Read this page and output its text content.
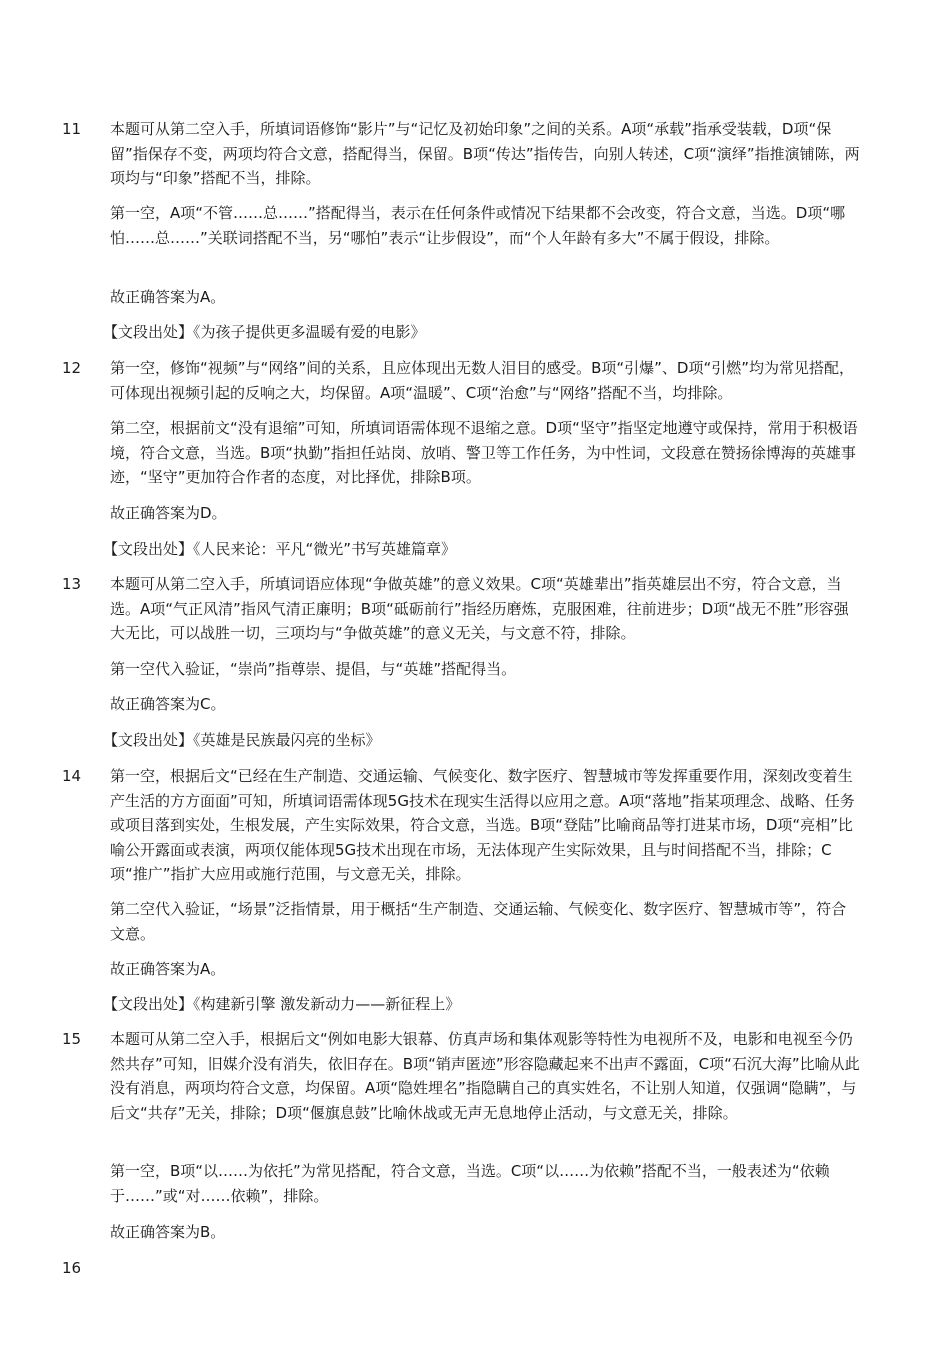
11	本题可从第二空入手，所填词语修饰“影片”与“记忆及初始印象”之间的关系。A项“承载”指承受装载，D项“保留”指保存不变，两项均符合文意，搭配得当，保留。B项“传达”指传告，向别人转述，C项“演绎”指推演铺陈，两项均与“印象”搭配不当，排除。

第一空，A项“不管……总……”搭配得当，表示在任何条件或情况下结果都不会改变，符合文意，当选。D项“哪怕……总……”关联词搭配不当，另“哪怕”表示“让步假设”，而“个人年龄有多大”不属于假设，排除。

故正确答案为A。

【文段出处】《为孩子提供更多温暖有爱的电影》

12	第一空，修饰“视频”与“网络”间的关系，且应体现出无数人泪目的感受。B项“引爆”、D项“引燃”均为常见搭配，可体现出视频引起的反响之大，均保留。A项“温暖”、C项“治愈”与“网络”搭配不当，均排除。

第二空，根据前文“没有退缩”可知，所填词语需体现不退缩之意。D项“坚守”指坚定地遵守或保持，常用于积极语境，符合文意，当选。B项“执勤”指担任站岗、放哨、警卫等工作任务，为中性词，文段意在赞扬徐博海的英雄事迹，“坚守”更加符合作者的态度，对比择优，排除B项。

故正确答案为D。

【文段出处】《人民来论：平凡“微光”书写英雄篇章》

13	本题可从第二空入手，所填词语应体现“争做英雄”的意义效果。C项“英雄辈出”指英雄层出不穷，符合文意，当选。A项“气正风清”指风气清正廉明；B项“砥砺前行”指经历磨炼，克服困难，往前进步；D项“战无不胜”形容强大无比，可以战胜一切，三项均与“争做英雄”的意义无关，与文意不符，排除。

第一空代入验证，“崇尚”指尊崇、提倡，与“英雄”搭配得当。

故正确答案为C。

【文段出处】《英雄是民族最闪亮的坐标》

14	第一空，根据后文“已经在生产制造、交通运输、气候变化、数字医疗、智慧城市等发挥重要作用，深刻改变着生产生活的方方面面”可知，所填词语需体现5G技术在现实生活得以应用之意。A项“落地”指某项理念、战略、任务或项目落到实处，生根发展，产生实际效果，符合文意，当选。B项“登陆”比喻商品等打进某市场，D项“亮相”比喻公开露面或表演，两项仅能体现5G技术出现在市场，无法体现产生实际效果，且与时间搭配不当，排除；C项“推广”指扩大应用或施行范围，与文意无关，排除。

第二空代入验证，“场景”泛指情景，用于概括“生产制造、交通运输、气候变化、数字医疗、智慧城市等”，符合文意。

故正确答案为A。

【文段出处】《构建新引擎 激发新动力——新征程上》

15	本题可从第二空入手，根据后文“例如电影大银幕、仿真声场和集体观影等特性为电视所不及，电影和电视至今仍然共存”可知，旧媒介没有消失，依旧存在。B项“销声匿迹”形容隐藏起来不出声不露面，C项“石沉大海”比喻从此没有消息，两项均符合文意，均保留。A项“隐姓埋名”指隐瞒自己的真实姓名，不让别人知道，仅强调“隐瞒”，与后文“共存”无关，排除；D项“偃旗息鼓”比喻休战或无声无息地停止活动，与文意无关，排除。

第一空，B项“以……为依托”为常见搭配，符合文意，当选。C项“以……为依赖”搭配不当，一般表述为“依赖于……”或“对……依赖”，排除。

故正确答案为B。

16
